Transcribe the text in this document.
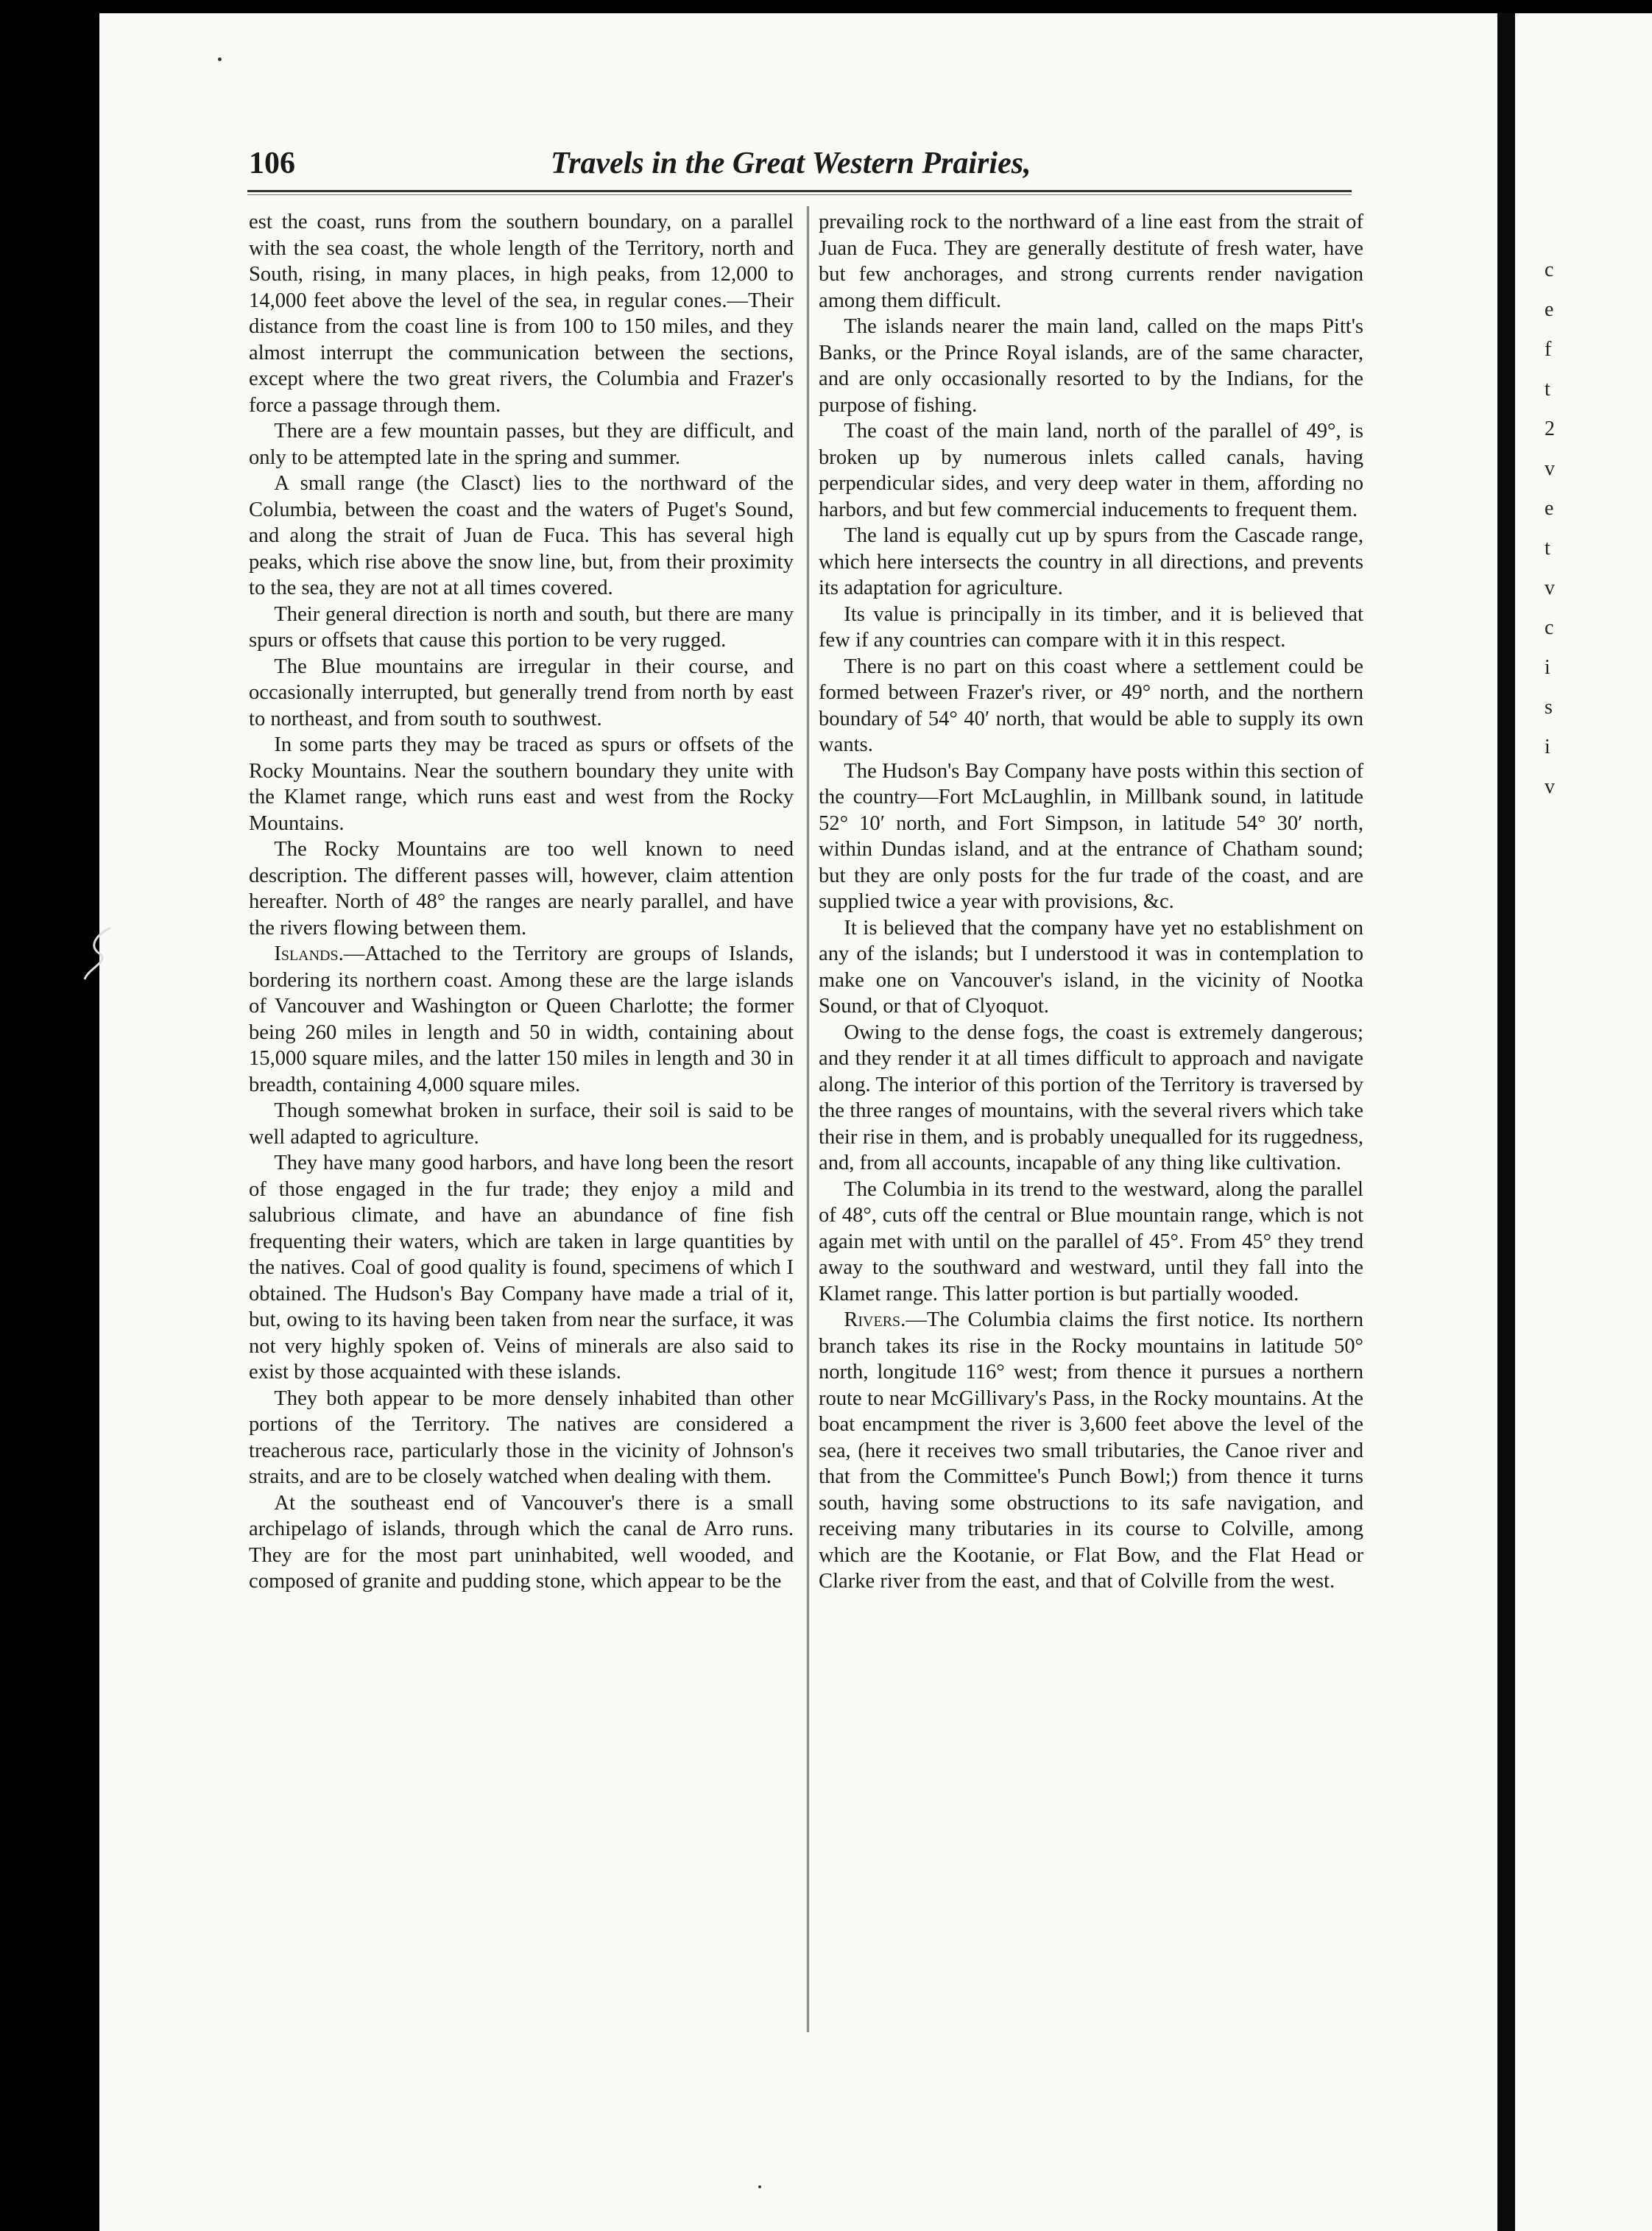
106	Travels in the Great Western Prairies,

est the coast, runs from the southern boundary, on a parallel with the sea coast, the whole length of the Territory, north and South, rising, in many places, in high peaks, from 12,000 to 14,000 feet above the level of the sea, in regular cones.—Their distance from the coast line is from 100 to 150 miles, and they almost interrupt the communication between the sections, except where the two great rivers, the Columbia and Frazer's force a passage through them.

There are a few mountain passes, but they are difficult, and only to be attempted late in the spring and summer.

A small range (the Clasct) lies to the northward of the Columbia, between the coast and the waters of Puget's Sound, and along the strait of Juan de Fuca. This has several high peaks, which rise above the snow line, but, from their proximity to the sea, they are not at all times covered.

Their general direction is north and south, but there are many spurs or offsets that cause this portion to be very rugged.

The Blue mountains are irregular in their course, and occasionally interrupted, but generally trend from north by east to northeast, and from south to southwest.

In some parts they may be traced as spurs or offsets of the Rocky Mountains. Near the southern boundary they unite with the Klamet range, which runs east and west from the Rocky Mountains.

The Rocky Mountains are too well known to need description. The different passes will, however, claim attention hereafter. North of 48° the ranges are nearly parallel, and have the rivers flowing between them.

Islands.—Attached to the Territory are groups of Islands, bordering its northern coast. Among these are the large islands of Vancouver and Washington or Queen Charlotte; the former being 260 miles in length and 50 in width, containing about 15,000 square miles, and the latter 150 miles in length and 30 in breadth, containing 4,000 square miles.

Though somewhat broken in surface, their soil is said to be well adapted to agriculture.

They have many good harbors, and have long been the resort of those engaged in the fur trade; they enjoy a mild and salubrious climate, and have an abundance of fine fish frequenting their waters, which are taken in large quantities by the natives. Coal of good quality is found, specimens of which I obtained. The Hudson's Bay Company have made a trial of it, but, owing to its having been taken from near the surface, it was not very highly spoken of. Veins of minerals are also said to exist by those acquainted with these islands.

They both appear to be more densely inhabited than other portions of the Territory. The natives are considered a treacherous race, particularly those in the vicinity of Johnson's straits, and are to be closely watched when dealing with them.

At the southeast end of Vancouver's there is a small archipelago of islands, through which the canal de Arro runs. They are for the most part uninhabited, well wooded, and composed of granite and pudding stone, which appear to be the

prevailing rock to the northward of a line east from the strait of Juan de Fuca. They are generally destitute of fresh water, have but few anchorages, and strong currents render navigation among them difficult.

The islands nearer the main land, called on the maps Pitt's Banks, or the Prince Royal islands, are of the same character, and are only occasionally resorted to by the Indians, for the purpose of fishing.

The coast of the main land, north of the parallel of 49°, is broken up by numerous inlets called canals, having perpendicular sides, and very deep water in them, affording no harbors, and but few commercial inducements to frequent them.

The land is equally cut up by spurs from the Cascade range, which here intersects the country in all directions, and prevents its adaptation for agriculture.

Its value is principally in its timber, and it is believed that few if any countries can compare with it in this respect.

There is no part on this coast where a settlement could be formed between Frazer's river, or 49° north, and the northern boundary of 54° 40′ north, that would be able to supply its own wants.

The Hudson's Bay Company have posts within this section of the country—Fort McLaughlin, in Millbank sound, in latitude 52° 10′ north, and Fort Simpson, in latitude 54° 30′ north, within Dundas island, and at the entrance of Chatham sound; but they are only posts for the fur trade of the coast, and are supplied twice a year with provisions, &c.

It is believed that the company have yet no establishment on any of the islands; but I understood it was in contemplation to make one on Vancouver's island, in the vicinity of Nootka Sound, or that of Clyoquot.

Owing to the dense fogs, the coast is extremely dangerous; and they render it at all times difficult to approach and navigate along. The interior of this portion of the Territory is traversed by the three ranges of mountains, with the several rivers which take their rise in them, and is probably unequalled for its ruggedness, and, from all accounts, incapable of any thing like cultivation.

The Columbia in its trend to the westward, along the parallel of 48°, cuts off the central or Blue mountain range, which is not again met with until on the parallel of 45°. From 45° they trend away to the southward and westward, until they fall into the Klamet range. This latter portion is but partially wooded.

Rivers.—The Columbia claims the first notice. Its northern branch takes its rise in the Rocky mountains in latitude 50° north, longitude 116° west; from thence it pursues a northern route to near McGillivary's Pass, in the Rocky mountains. At the boat encampment the river is 3,600 feet above the level of the sea, (here it receives two small tributaries, the Canoe river and that from the Committee's Punch Bowl;) from thence it turns south, having some obstructions to its safe navigation, and receiving many tributaries in its course to Colville, among which are the Kootanie, or Flat Bow, and the Flat Head or Clarke river from the east, and that of Colville from the west.

c
e
f
t
2
v
e
t
v
c
i
s
i
v
